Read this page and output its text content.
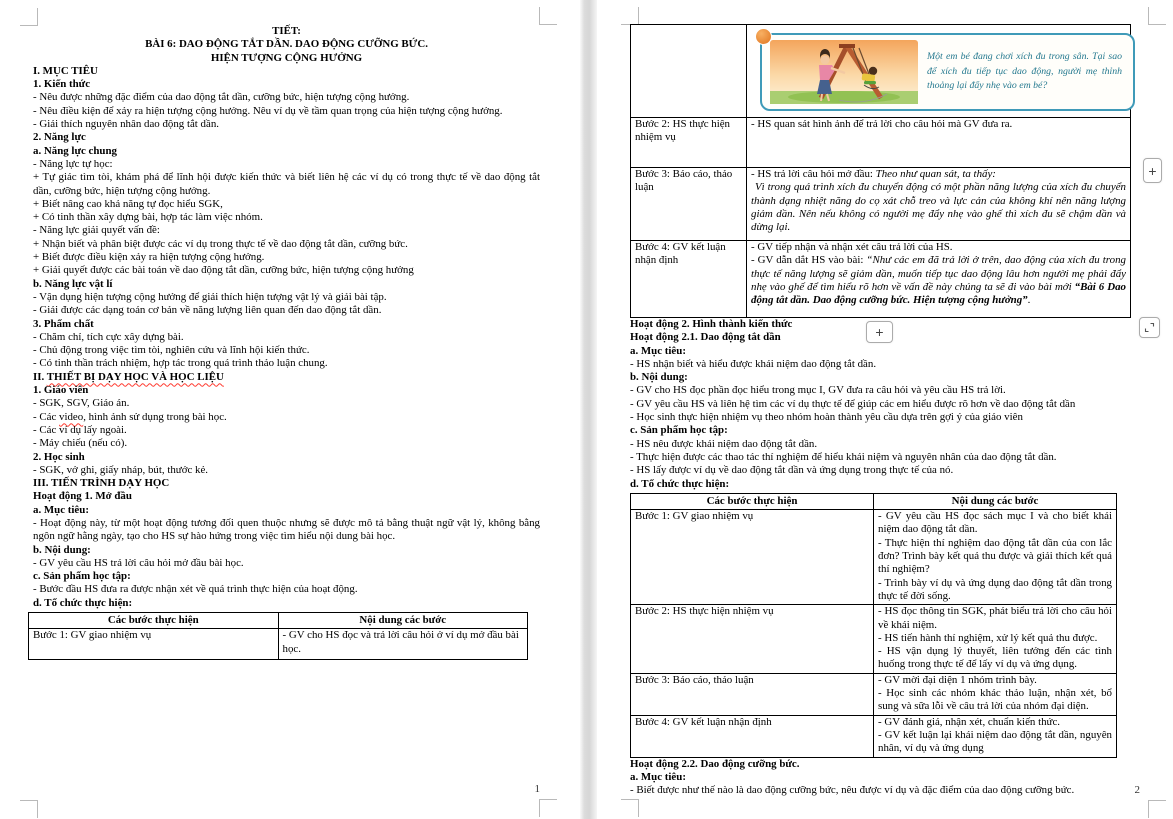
TIẾT:

BÀI 6: DAO ĐỘNG TẮT DẦN. DAO ĐỘNG CƯỠNG BỨC.

HIỆN TƯỢNG CỘNG HƯỞNG

I. MỤC TIÊU

1. Kiến thức

- Nêu được những đặc điểm của dao động tắt dần, cưỡng bức, hiện tượng cộng hưởng.

- Nêu điều kiện để xảy ra hiện tượng cộng hưởng. Nêu ví dụ về tầm quan trọng của hiện tượng cộng hưởng.

- Giải thích nguyên nhân dao động tắt dần.

2. Năng lực

a. Năng lực chung

- Năng lực tự học:

+ Tự giác tìm tòi, khám phá để lĩnh hội được kiến thức và biết liên hệ các ví dụ có trong thực tế về dao động tắt dần, cưỡng bức, hiện tượng cộng hưởng.

+ Biết nâng cao khả năng tự đọc hiểu SGK,

+ Có tinh thần xây dựng bài, hợp tác làm việc nhóm.

- Năng lực giải quyết vấn đề:

+ Nhận biết và phân biệt được các ví dụ trong thực tế về dao động tắt dần, cưỡng bức.

+ Biết được điều kiện xảy ra hiện tượng cộng hưởng.

+ Giải quyết được các bài toán về dao động tắt dần, cưỡng bức, hiện tượng cộng hưởng

b. Năng lực vật lí

- Vận dụng hiện tượng cộng hưởng để giải thích hiện tượng vật lý và giải bài tập.

- Giải được các dạng toán cơ bản về năng lượng liên quan đến dao động tắt dần.

3. Phẩm chất

- Chăm chỉ, tích cực xây dựng bài.

- Chủ động trong việc tìm tòi, nghiên cứu và lĩnh hội kiến thức.

- Có tinh thần trách nhiệm, hợp tác trong quá trình thảo luận chung.

II. THIẾT BỊ DẠY HỌC VÀ HỌC LIỆU

1. Giáo viên

- SGK, SGV, Giáo án.

- Các video, hình ảnh sử dụng trong bài học.

- Các ví dụ lấy ngoài.

- Máy chiếu (nếu có).

2. Học sinh

- SGK, vở ghi, giấy nháp, bút, thước kẻ.

III. TIẾN TRÌNH DẠY HỌC

Hoạt động 1. Mở đầu

a. Mục tiêu:

- Hoạt động này, từ một hoạt động tương đối quen thuộc nhưng sẽ được mô tả bằng thuật ngữ vật lý, không bằng ngôn ngữ hằng ngày, tạo cho HS sự hào hứng trong việc tìm hiểu nội dung bài học.

b. Nội dung:

- GV yêu cầu HS trả lời câu hỏi mở đầu bài học.

c. Sản phẩm học tập:

- Bước đầu HS đưa ra được nhận xét về quá trình thực hiện của hoạt động.

d. Tổ chức thực hiện:

Các bước thực hiện	Nội dung các bước
Bước 1: GV giao nhiệm vụ	- GV cho HS đọc và trả lời câu hỏi ở ví dụ mở đầu bài học.
1

	Một em bé đang chơi xích đu trong sân. Tại sao để xích đu tiếp tục dao động, người mẹ thỉnh thoảng lại đẩy nhẹ vào em bé?

Bước 2: HS thực hiện nhiệm vụ	- HS quan sát hình ảnh để trả lời cho câu hỏi mà GV đưa ra.
Bước 3: Báo cáo, thảo luận	- HS trả lời câu hỏi mở đầu: Theo như quan sát, ta thấy:
Vì trong quá trình xích đu chuyển động có một phần năng lượng của xích đu chuyển thành dạng nhiệt năng do cọ xát chỗ treo và lực cản của không khí nên năng lượng giảm dần. Nên nếu không có người mẹ đẩy nhẹ vào ghế thì xích đu sẽ chậm dần và dừng lại.

Bước 4: GV kết luận nhận định	- GV tiếp nhận và nhận xét câu trả lời của HS.
- GV dẫn dắt HS vào bài: “Như các em đã trả lời ở trên, dao động của xích đu trong thực tế năng lượng sẽ giảm dần, muốn tiếp tục dao động lâu hơn người mẹ phải đẩy nhẹ vào ghế để tìm hiểu rõ hơn về vấn đề này chúng ta sẽ đi vào bài mới “Bài 6 Dao động tắt dần. Dao động cưỡng bức. Hiện tượng cộng hưởng”.

Hoạt động 2. Hình thành kiến thức

Hoạt động 2.1. Dao động tắt dần

a. Mục tiêu:

- HS nhận biết và hiểu được khái niệm dao động tắt dần.

b. Nội dung:

- GV cho HS đọc phần đọc hiểu trong mục I, GV đưa ra câu hỏi và yêu cầu HS trả lời.

- GV yêu cầu HS và liên hệ tìm các ví dụ thực tế để giúp các em hiểu được rõ hơn về dao động tắt dần

- Học sinh thực hiện nhiệm vụ theo nhóm hoàn thành yêu cầu dựa trên gợi ý của giáo viên

c. Sản phẩm học tập:

- HS nêu được khái niệm dao động tắt dần.

- Thực hiện được các thao tác thí nghiệm để hiểu khái niệm và nguyên nhân của dao động tắt dần.

- HS lấy được ví dụ về dao động tắt dần và ứng dụng trong thực tế của nó.

d. Tổ chức thực hiện:

Các bước thực hiện	Nội dung các bước
Bước 1: GV giao nhiệm vụ	- GV yêu cầu HS đọc sách mục I và cho biết khái niệm dao động tắt dần.
- Thực hiện thí nghiệm dao động tắt dần của con lắc đơn? Trình bày kết quả thu được và giải thích kết quả thí nghiệm?
- Trình bày ví dụ và ứng dụng dao động tắt dần trong thực tế đời sống.

Bước 2: HS thực hiện nhiệm vụ	- HS đọc thông tin SGK, phát biểu trả lời cho câu hỏi về khái niệm.
- HS tiến hành thí nghiệm, xử lý kết quả thu được.
- HS vận dụng lý thuyết, liên tưởng đến các tình huống trong thực tế để lấy ví dụ và ứng dụng.

Bước 3: Báo cáo, thảo luận	- GV mời đại diện 1 nhóm trình bày.
- Học sinh các nhóm khác thảo luận, nhận xét, bổ sung và sữa lỗi về câu trả lời của nhóm đại diện.

Bước 4: GV kết luận nhận định	- GV đánh giá, nhận xét, chuẩn kiến thức.
- GV kết luận lại khái niệm dao động tắt dần, nguyên nhân, ví dụ và ứng dụng

Hoạt động 2.2. Dao động cưỡng bức.

a. Mục tiêu:

- Biết được như thế nào là dao động cưỡng bức, nêu được ví dụ và đặc điểm của dao động cưỡng bức.	2
+
+
